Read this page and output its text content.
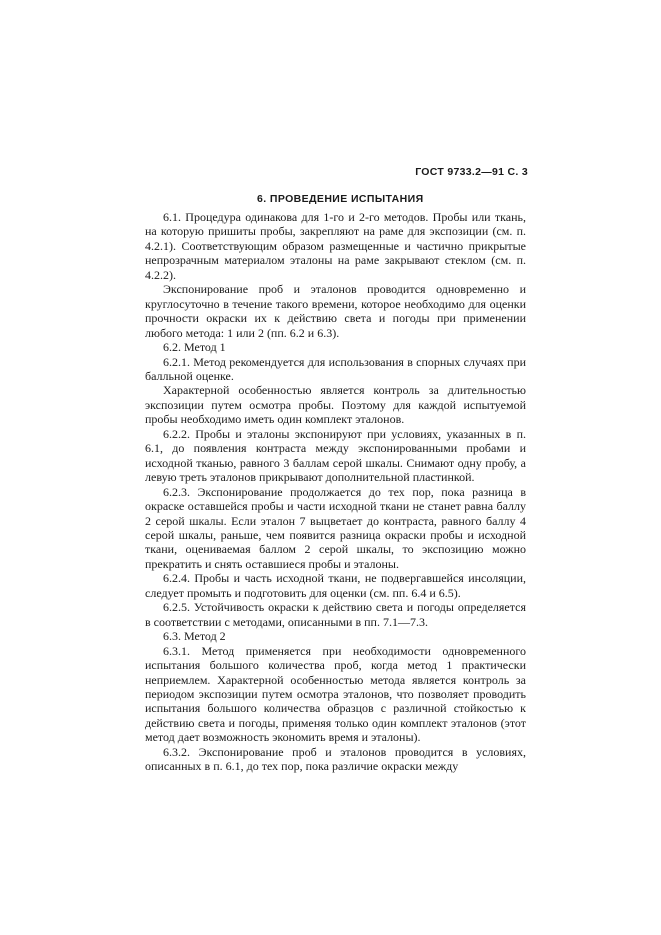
ГОСТ 9733.2—91 С. 3
6. ПРОВЕДЕНИЕ ИСПЫТАНИЯ

6.1. Процедура одинакова для 1-го и 2-го методов. Пробы или ткань, на которую пришиты пробы, закрепляют на раме для экспозиции (см. п. 4.2.1). Соответствующим образом размещенные и частично прикрытые непрозрачным материалом эталоны на раме закрывают стеклом (см. п. 4.2.2).

Экспонирование проб и эталонов проводится одновременно и круглосуточно в течение такого времени, которое необходимо для оценки прочности окраски их к действию света и погоды при применении любого метода: 1 или 2 (пп. 6.2 и 6.3).

6.2. Метод 1

6.2.1. Метод рекомендуется для использования в спорных случаях при балльной оценке.

Характерной особенностью является контроль за длительностью экспозиции путем осмотра пробы. Поэтому для каждой испытуемой пробы необходимо иметь один комплект эталонов.

6.2.2. Пробы и эталоны экспонируют при условиях, указанных в п. 6.1, до появления контраста между экспонированными пробами и исходной тканью, равного 3 баллам серой шкалы. Снимают одну пробу, а левую треть эталонов прикрывают дополнительной пластинкой.

6.2.3. Экспонирование продолжается до тех пор, пока разница в окраске оставшейся пробы и части исходной ткани не станет равна баллу 2 серой шкалы. Если эталон 7 выцветает до контраста, равного баллу 4 серой шкалы, раньше, чем появится разница окраски пробы и исходной ткани, оцениваемая баллом 2 серой шкалы, то экспозицию можно прекратить и снять оставшиеся пробы и эталоны.

6.2.4. Пробы и часть исходной ткани, не подвергавшейся инсоляции, следует промыть и подготовить для оценки (см. пп. 6.4 и 6.5).

6.2.5. Устойчивость окраски к действию света и погоды определяется в соответствии с методами, описанными в пп. 7.1—7.3.

6.3. Метод 2

6.3.1. Метод применяется при необходимости одновременного испытания большого количества проб, когда метод 1 практически неприемлем. Характерной особенностью метода является контроль за периодом экспозиции путем осмотра эталонов, что позволяет проводить испытания большого количества образцов с различной стойкостью к действию света и погоды, применяя только один комплект эталонов (этот метод дает возможность экономить время и эталоны).

6.3.2. Экспонирование проб и эталонов проводится в условиях, описанных в п. 6.1, до тех пор, пока различие окраски между
